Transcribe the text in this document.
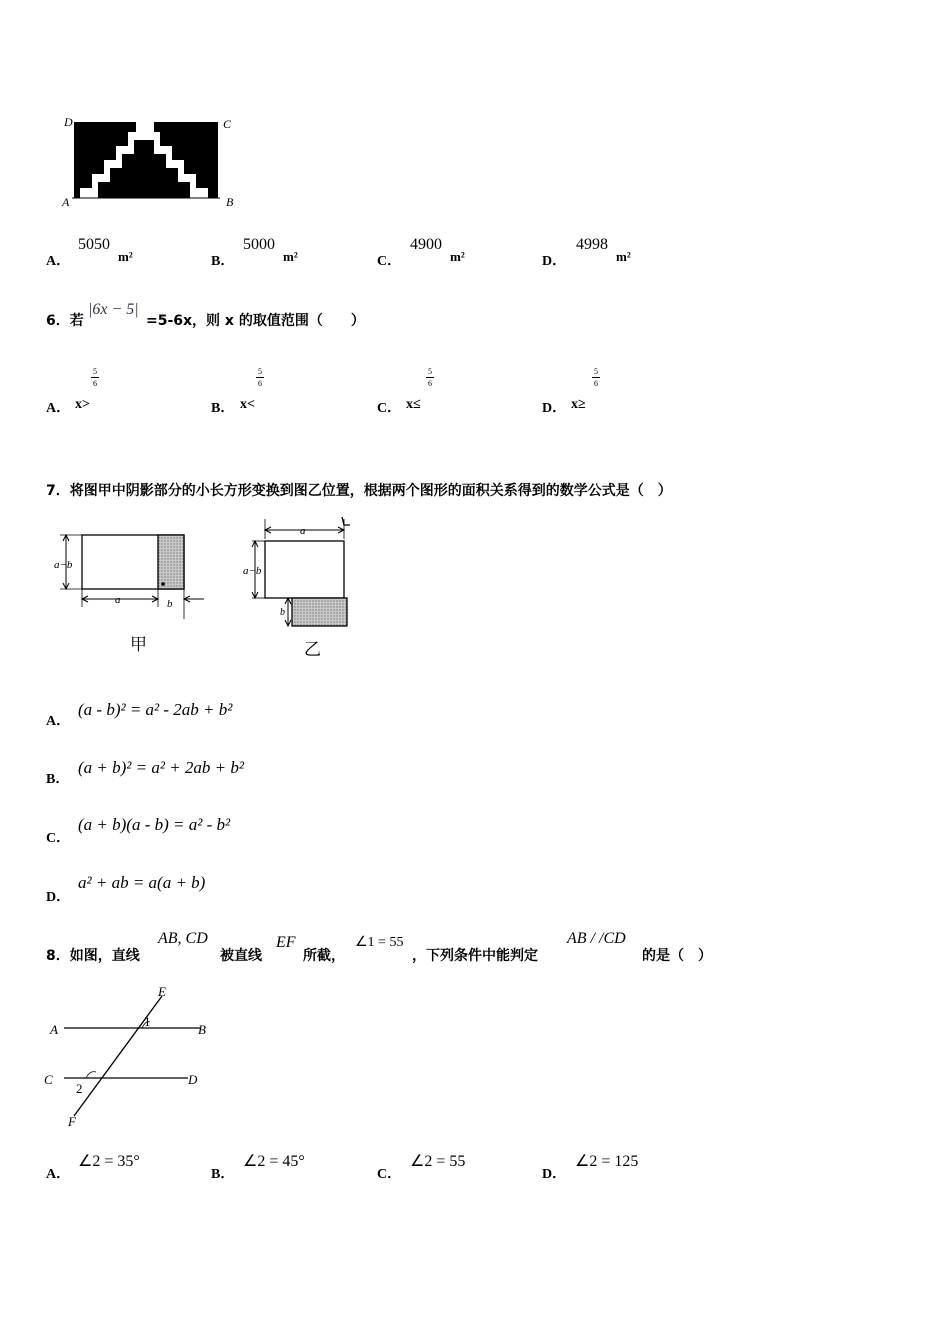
D	C
A	B
A．
5050
m²	B．
5000
m²	C．
4900
m²	D．
4998
m²
6．若
|6x − 5|
=5-6x，则 x 的取值范围（　　）
A． x>
5
6
B． x<
5
6
C． x≤
5
6
D． x≥
5
6
7．将图甲中阴影部分的小长方形变换到图乙位置，根据两个图形的面积关系得到的数学公式是（　）
a−b
a	b
甲
a
a−b
b
乙
A．
(a - b)² = a² - 2ab + b²
B．
(a + b)² = a² + 2ab + b²
C．
(a + b)(a - b) = a² - b²
D．
a² + ab = a(a + b)
8．如图，直线
AB, CD
被直线
EF
所截，
∠1 = 55
，下列条件中能判定
AB / /CD
的是（　）
E
A	B
C	D
F
1
2
A．
∠2 = 35°
B．
∠2 = 45°
C．
∠2 = 55
D．
∠2 = 125
